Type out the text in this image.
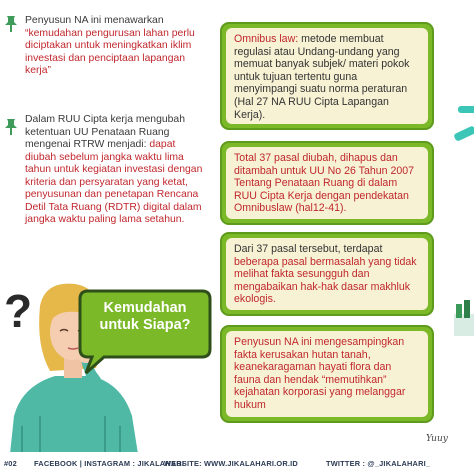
Penyusun NA ini menawarkan “kemudahan pengurusan lahan perlu diciptakan untuk meningkatkan iklim investasi dan penciptaan lapangan kerja”
Dalam RUU Cipta kerja mengubah ketentuan UU Penataan Ruang mengenai RTRW menjadi: dapat diubah sebelum jangka waktu lima tahun untuk kegiatan investasi dengan kriteria dan persyaratan yang ketat, penyusunan dan penetapan Rencana Detil Tata Ruang (RDTR) digital dalam jangka waktu paling lama setahun.
?	Kemudahan untuk Siapa?
Omnibus law: metode membuat regulasi atau Undang-undang yang memuat banyak subjek/ materi pokok untuk tujuan tertentu guna menyimpangi suatu norma peraturan (Hal 27 NA RUU Cipta Lapangan Kerja).
Total 37 pasal diubah, dihapus dan ditambah untuk UU No 26 Tahun 2007 Tentang Penataan Ruang di dalam RUU Cipta Kerja dengan pendekatan Omnibuslaw (hal12-41).
Dari 37 pasal tersebut, terdapat beberapa pasal bermasalah yang tidak melihat fakta sesungguh dan mengabaikan hak-hak dasar makhluk ekologis.
Penyusun NA ini mengesampingkan fakta kerusakan hutan tanah, keanekaragaman hayati flora dan fauna dan hendak “memutihkan” kejahatan korporasi yang melanggar hukum
Yuuy
#02 FACEBOOK | INSTAGRAM : JIKALAHARI
WEBSITE: WWW.JIKALAHARI.OR.ID	TWITTER : @_JIKALAHARI_
